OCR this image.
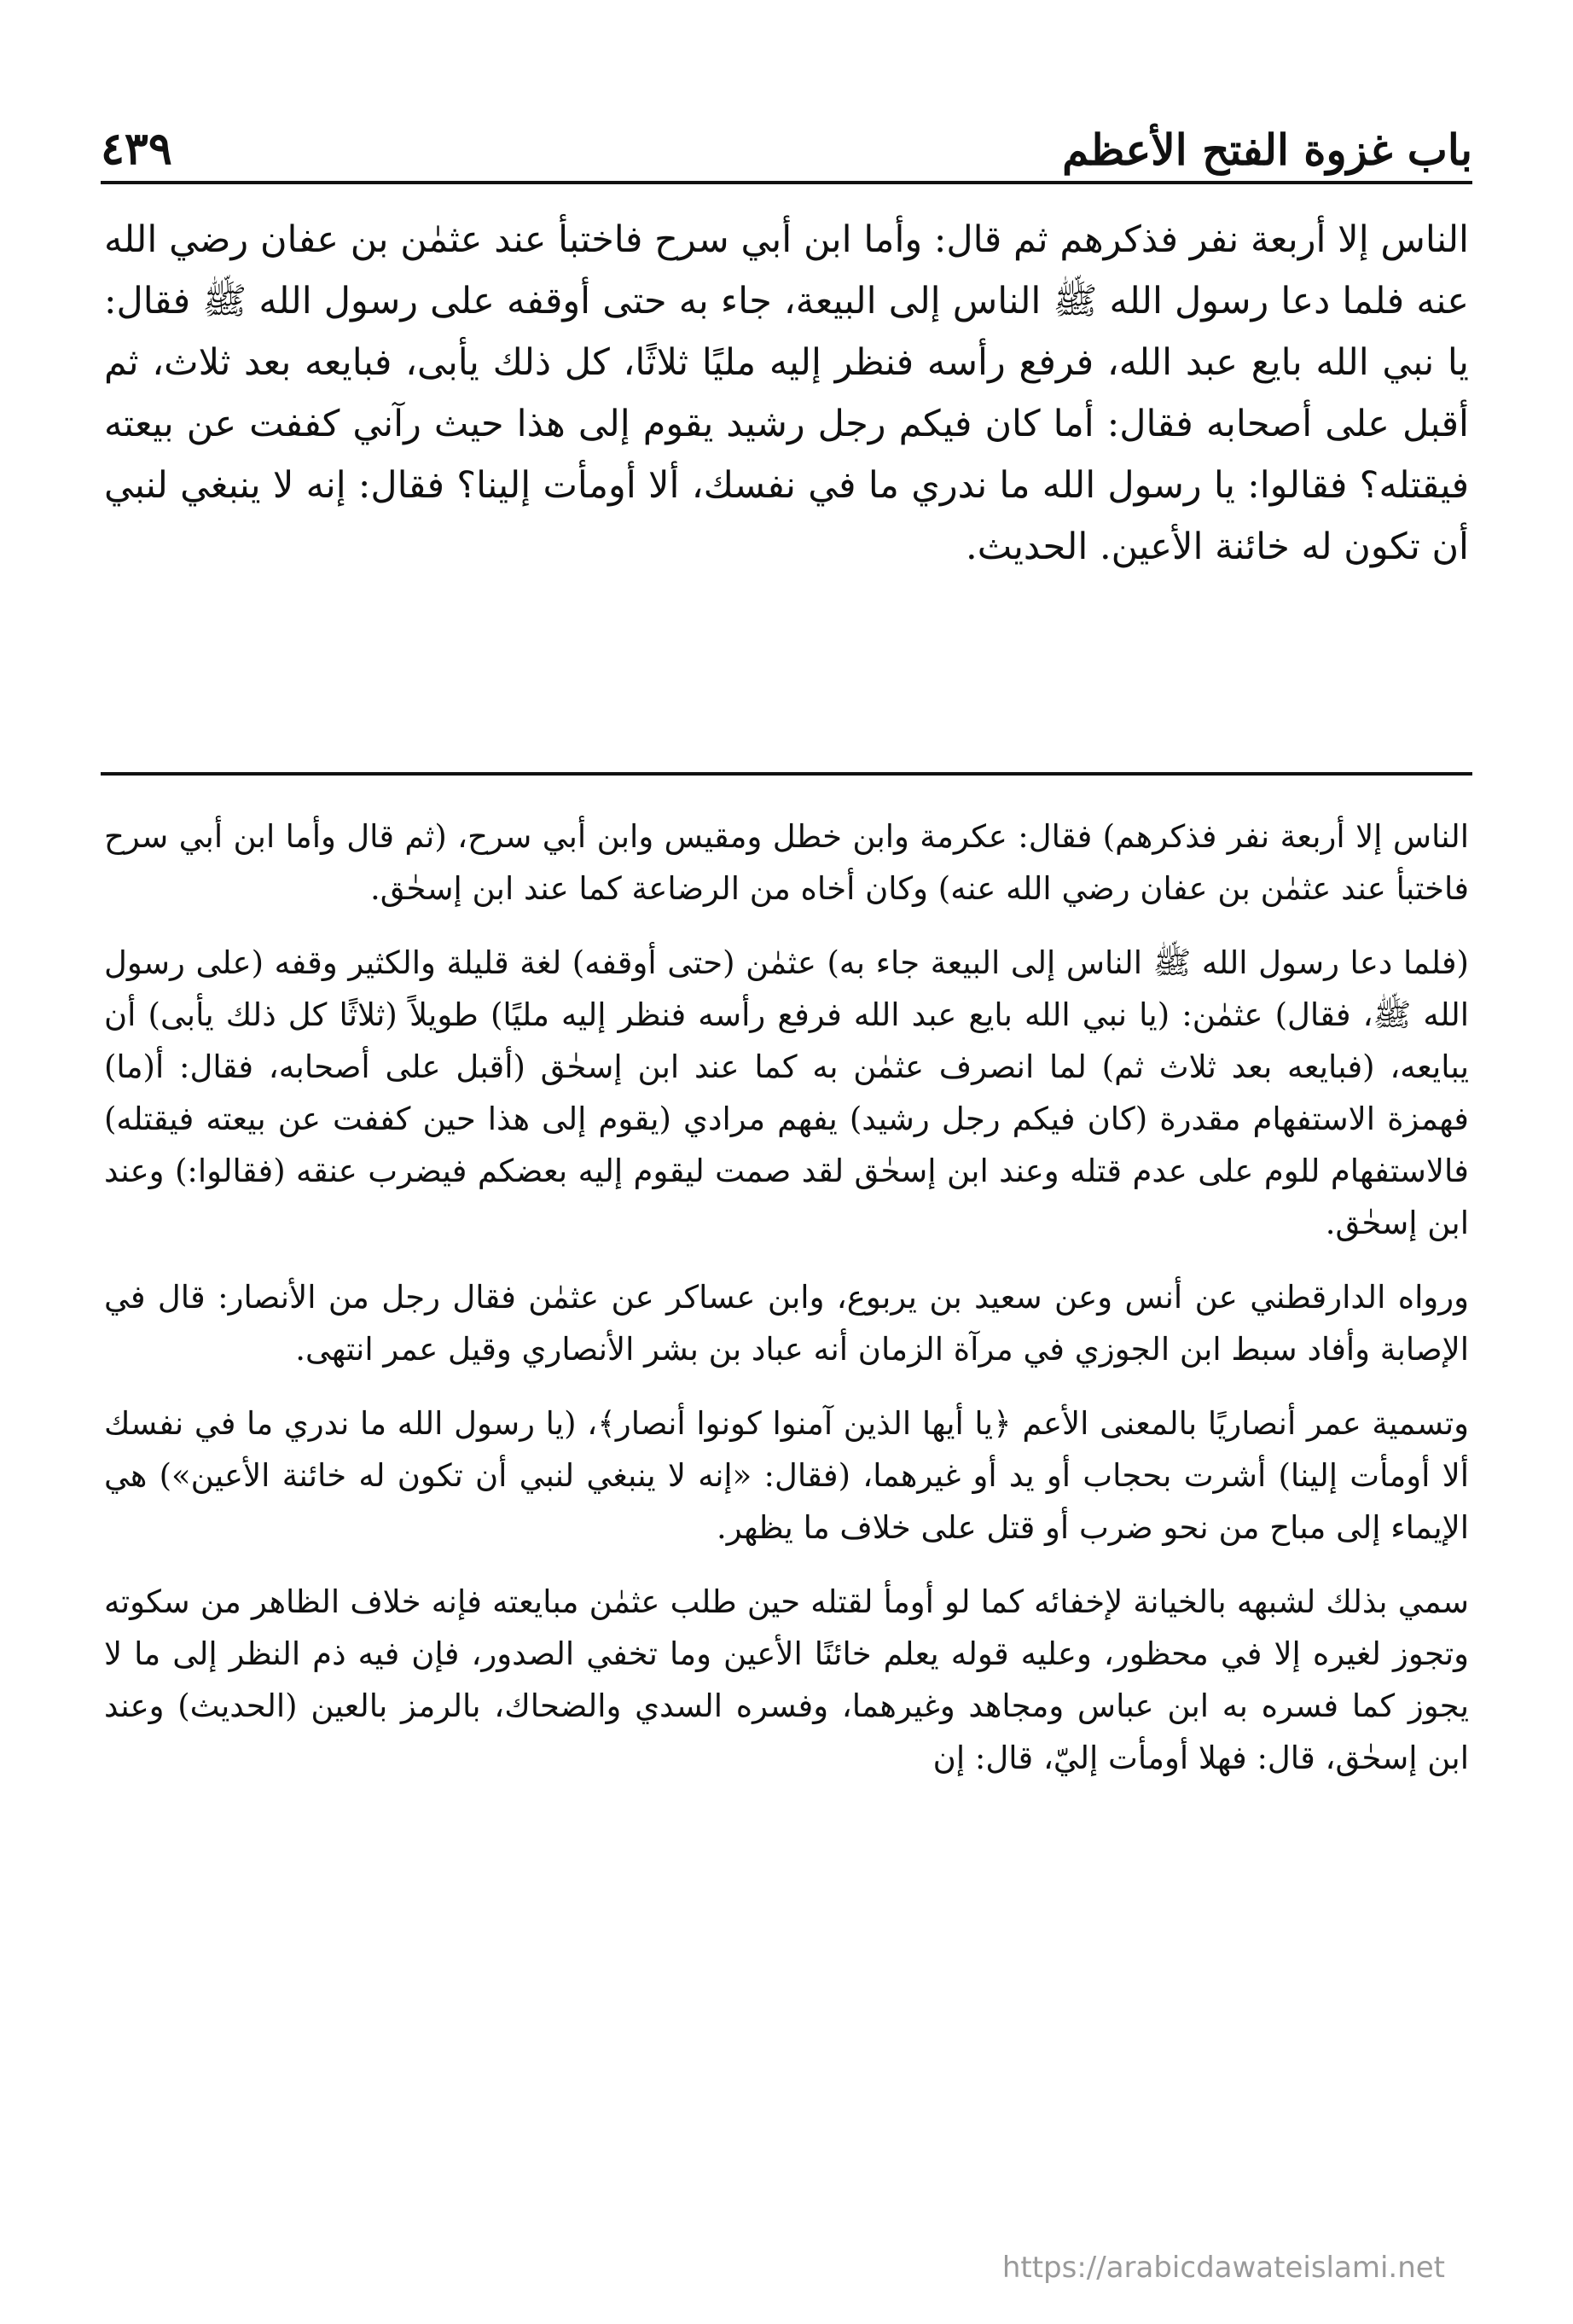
٤٣٩	باب غزوة الفتح الأعظم

الناس إلا أربعة نفر فذكرهم ثم قال: وأما ابن أبي سرح فاختبأ عند عثمٰن بن عفان رضي الله عنه فلما دعا رسول الله ﷺ الناس إلى البيعة، جاء به حتى أوقفه على رسول الله ﷺ فقال: يا نبي الله بايع عبد الله، فرفع رأسه فنظر إليه مليًا ثلاثًا، كل ذلك يأبى، فبايعه بعد ثلاث، ثم أقبل على أصحابه فقال: أما كان فيكم رجل رشيد يقوم إلى هذا حيث رآني كففت عن بيعته فيقتله؟ فقالوا: يا رسول الله ما ندري ما في نفسك، ألا أومأت إلينا؟ فقال: إنه لا ينبغي لنبي أن تكون له خائنة الأعين. الحديث.

الناس إلا أربعة نفر فذكرهم) فقال: عكرمة وابن خطل ومقيس وابن أبي سرح، (ثم قال وأما ابن أبي سرح فاختبأ عند عثمٰن بن عفان رضي الله عنه) وكان أخاه من الرضاعة كما عند ابن إسحٰق.

(فلما دعا رسول الله ﷺ الناس إلى البيعة جاء به) عثمٰن (حتى أوقفه) لغة قليلة والكثير وقفه (على رسول الله ﷺ، فقال) عثمٰن: (يا نبي الله بايع عبد الله فرفع رأسه فنظر إليه مليًا) طويلاً (ثلاثًا كل ذلك يأبى) أن يبايعه، (فبايعه بعد ثلاث ثم) لما انصرف عثمٰن به كما عند ابن إسحٰق (أقبل على أصحابه، فقال: أ(ما) فهمزة الاستفهام مقدرة (كان فيكم رجل رشيد) يفهم مرادي (يقوم إلى هذا حين كففت عن بيعته فيقتله) فالاستفهام للوم على عدم قتله وعند ابن إسحٰق لقد صمت ليقوم إليه بعضكم فيضرب عنقه (فقالوا:) وعند ابن إسحٰق.

ورواه الدارقطني عن أنس وعن سعيد بن يربوع، وابن عساكر عن عثمٰن فقال رجل من الأنصار: قال في الإصابة وأفاد سبط ابن الجوزي في مرآة الزمان أنه عباد بن بشر الأنصاري وقيل عمر انتهى.

وتسمية عمر أنصاريًا بالمعنى الأعم ﴿يا أيها الذين آمنوا كونوا أنصار﴾، (يا رسول الله ما ندري ما في نفسك ألا أومأت إلينا) أشرت بحجاب أو يد أو غيرهما، (فقال: «إنه لا ينبغي لنبي أن تكون له خائنة الأعين») هي الإيماء إلى مباح من نحو ضرب أو قتل على خلاف ما يظهر.

سمي بذلك لشبهه بالخيانة لإخفائه كما لو أومأ لقتله حين طلب عثمٰن مبايعته فإنه خلاف الظاهر من سكوته وتجوز لغيره إلا في محظور، وعليه قوله يعلم خائنًا الأعين وما تخفي الصدور، فإن فيه ذم النظر إلى ما لا يجوز كما فسره به ابن عباس ومجاهد وغيرهما، وفسره السدي والضحاك، بالرمز بالعين (الحديث) وعند ابن إسحٰق، قال: فهلا أومأت إليّ، قال: إن

https://arabicdawateislami.net
